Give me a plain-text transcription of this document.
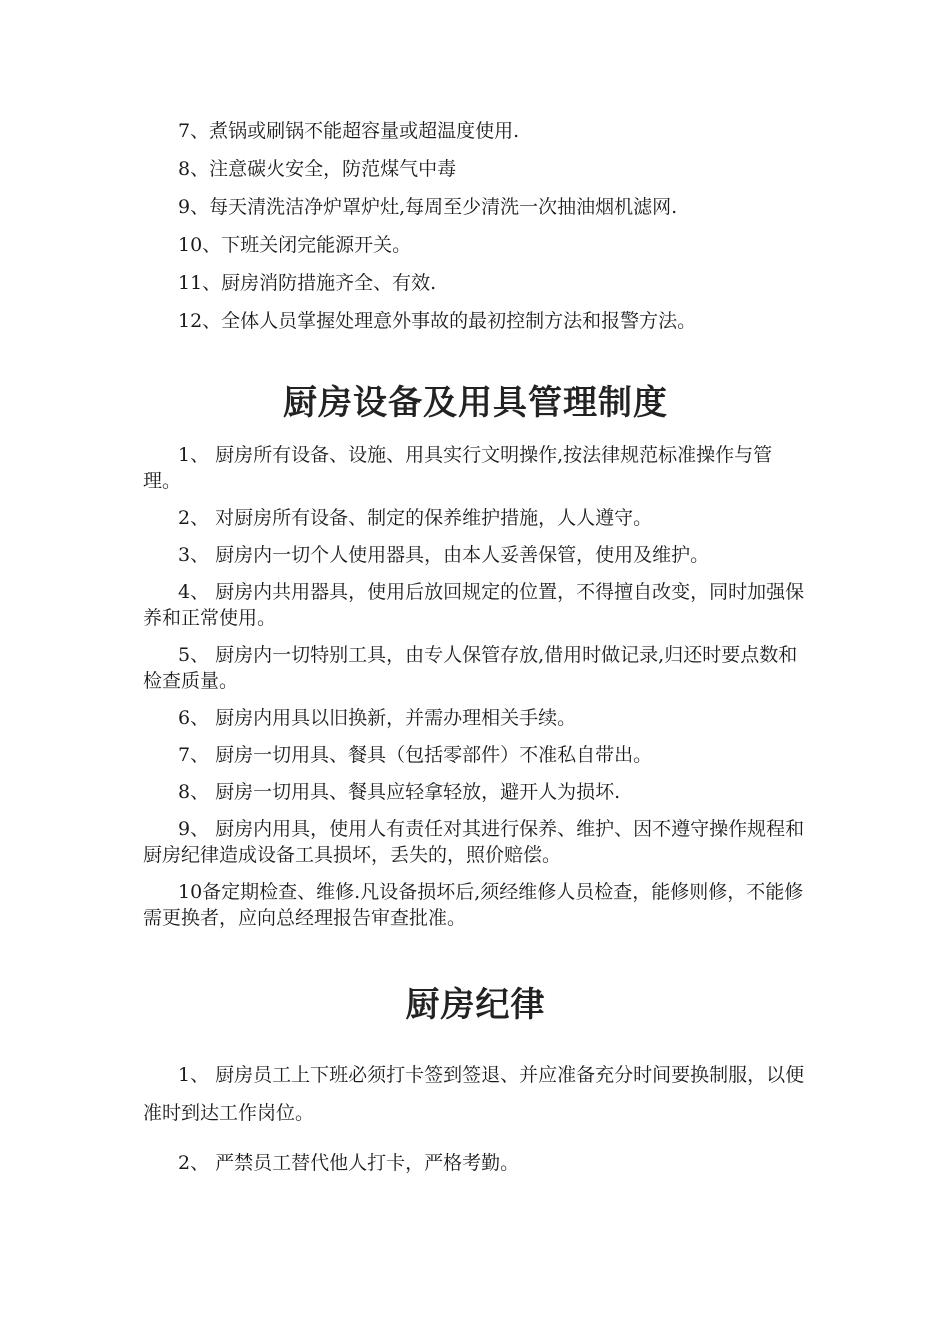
7、煮锅或刷锅不能超容量或超温度使用.

8、注意碳火安全，防范煤气中毒

9、每天清洗洁净炉罩炉灶,每周至少清洗一次抽油烟机滤网.

10、下班关闭完能源开关。

11、厨房消防措施齐全、有效.

12、全体人员掌握处理意外事故的最初控制方法和报警方法。

厨房设备及用具管理制度

1、 厨房所有设备、设施、用具实行文明操作,按法律规范标准操作与管理。

2、 对厨房所有设备、制定的保养维护措施，人人遵守。

3、 厨房内一切个人使用器具，由本人妥善保管，使用及维护。

4、 厨房内共用器具，使用后放回规定的位置，不得擅自改变，同时加强保养和正常使用。

5、 厨房内一切特别工具，由专人保管存放,借用时做记录,归还时要点数和检查质量。

6、 厨房内用具以旧换新，并需办理相关手续。

7、 厨房一切用具、餐具（包括零部件）不准私自带出。

8、 厨房一切用具、餐具应轻拿轻放，避开人为损坏.

9、 厨房内用具，使用人有责任对其进行保养、维护、因不遵守操作规程和厨房纪律造成设备工具损坏，丢失的，照价赔偿。

10备定期检查、维修.凡设备损坏后,须经维修人员检查，能修则修，不能修需更换者，应向总经理报告审查批准。

厨房纪律

1、 厨房员工上下班必须打卡签到签退、并应准备充分时间要换制服，以便准时到达工作岗位。

2、 严禁员工替代他人打卡，严格考勤。
